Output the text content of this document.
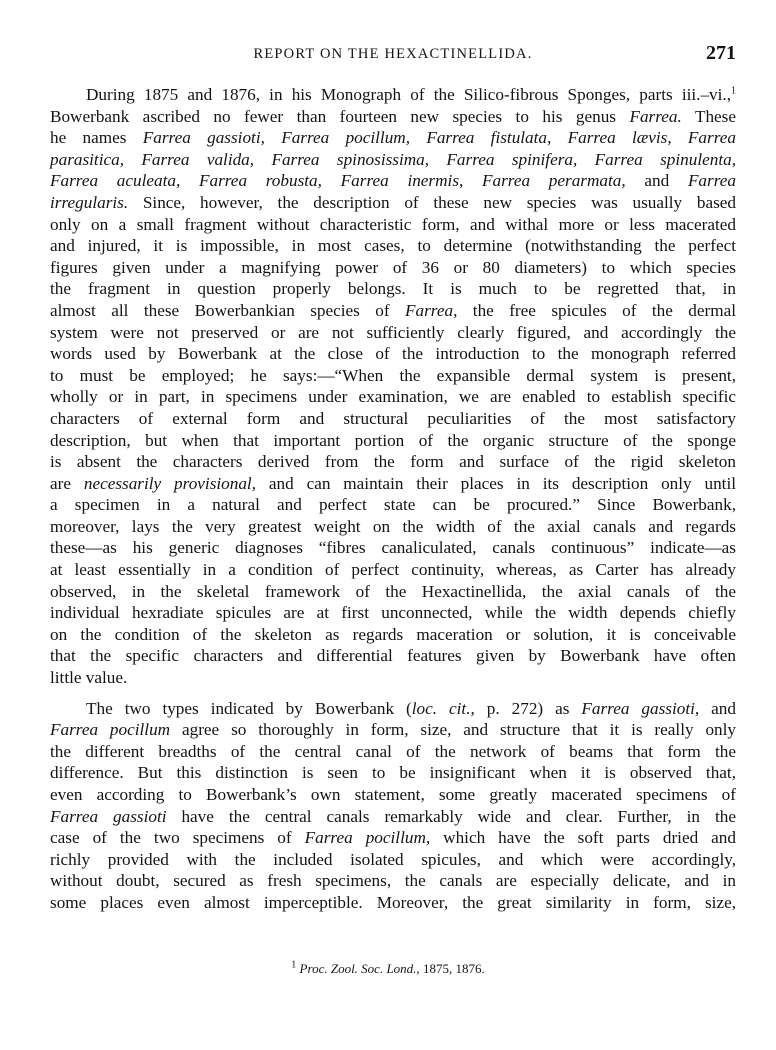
REPORT ON THE HEXACTINELLIDA.	271
During 1875 and 1876, in his Monograph of the Silico-fibrous Sponges, parts iii.–vi.,$^1$
Bowerbank ascribed no fewer than fourteen new species to his genus Farrea. These
he names Farrea gassioti, Farrea pocillum, Farrea fistulata, Farrea lævis, Farrea
parasitica, Farrea valida, Farrea spinosissima, Farrea spinifera, Farrea spinulenta,
Farrea aculeata, Farrea robusta, Farrea inermis, Farrea perarmata, and Farrea
irregularis. Since, however, the description of these new species was usually based
only on a small fragment without characteristic form, and withal more or less macerated
and injured, it is impossible, in most cases, to determine (notwithstanding the perfect
figures given under a magnifying power of 36 or 80 diameters) to which species
the fragment in question properly belongs. It is much to be regretted that, in
almost all these Bowerbankian species of Farrea, the free spicules of the dermal
system were not preserved or are not sufficiently clearly figured, and accordingly the
words used by Bowerbank at the close of the introduction to the monograph referred
to must be employed; he says:—“When the expansible dermal system is present,
wholly or in part, in specimens under examination, we are enabled to establish specific
characters of external form and structural peculiarities of the most satisfactory
description, but when that important portion of the organic structure of the sponge
is absent the characters derived from the form and surface of the rigid skeleton
are necessarily provisional, and can maintain their places in its description only until
a specimen in a natural and perfect state can be procured.” Since Bowerbank,
moreover, lays the very greatest weight on the width of the axial canals and regards
these—as his generic diagnoses “fibres canaliculated, canals continuous” indicate—as
at least essentially in a condition of perfect continuity, whereas, as Carter has already
observed, in the skeletal framework of the Hexactinellida, the axial canals of the
individual hexradiate spicules are at first unconnected, while the width depends chiefly
on the condition of the skeleton as regards maceration or solution, it is conceivable
that the specific characters and differential features given by Bowerbank have often
little value.
The two types indicated by Bowerbank (loc. cit., p. 272) as Farrea gassioti, and
Farrea pocillum agree so thoroughly in form, size, and structure that it is really only
the different breadths of the central canal of the network of beams that form the
difference. But this distinction is seen to be insignificant when it is observed that,
even according to Bowerbank’s own statement, some greatly macerated specimens of
Farrea gassioti have the central canals remarkably wide and clear. Further, in the
case of the two specimens of Farrea pocillum, which have the soft parts dried and
richly provided with the included isolated spicules, and which were accordingly,
without doubt, secured as fresh specimens, the canals are especially delicate, and in
some places even almost imperceptible. Moreover, the great similarity in form, size,
$^1$ Proc. Zool. Soc. Lond., 1875, 1876.
